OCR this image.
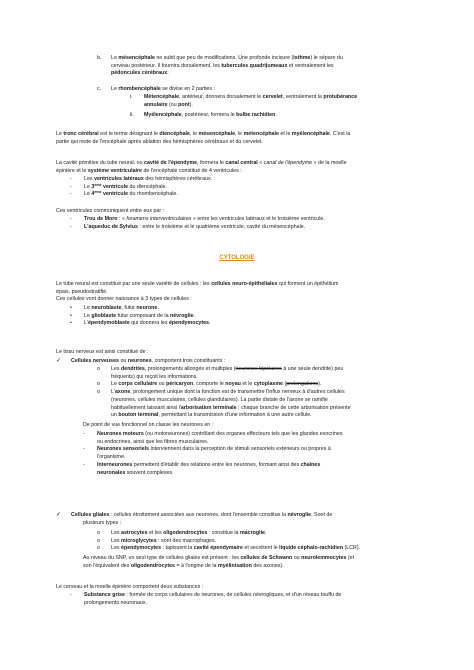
b. Le mésencéphale ne subit que peu de modifications. Une profonde incisure (isthme) le sépare du
cerveau postérieur. Il fournira dorsalement, les tubercules quadrijumeaux et ventralement les
pédoncules cérébraux.
c. Le rhombencéphale se divise en 2 parties :
i. Métencéphale, antérieur, donnera dorsalement le cervelet, ventralement la protubérance
annulaire (ou pont).
ii. Myélencéphale, postérieur, formera le bulbe rachidien.
Le tronc cérébral est le terme désignant le diencéphale, le mésencéphale, le métencéphale et le myélencéphale. C'est la
partie qui reste de l'encéphale après ablation des hémisphères cérébraux et du cervelet.
La cavité primitive du tube neural, ou cavité de l'épendyme, formera le canal central « canal de l'épendyme » de la moelle
épinière et le système ventriculaire de l'encéphale constitué de 4 ventricules :
- Les ventricules latéraux des hémisphères cérébraux.
- Le 3ème ventricule du diencéphale.
- Le 4ème ventricule du rhombencéphale.
Ces ventricules communiquent entre eux par :
- Trou de Moro : « foramens interventriculaires » entre les ventricules latéraux et le troisième ventricule.
- L'aqueduc de Sylvius : entre le troisième et le quatrième ventricule, cavité du mésencéphale.
CYTOLOGIE
Le tube neural est constitué par une seule variété de cellules : les cellules neuro-épithéliales qui forment un épithélium
épais, pseudostratifié.
Ces cellules vont donner naissance à 3 types de cellules :
• Le neuroblaste, futur neurone.
• Le glioblaste futur composant de la névroglie.
• L'épendymoblaste qui donnera les épendymocytes.
Le tissu nerveux est ainsi constitué de :
✓ Cellules nerveuses ou neurones, comportent trois constituants :
o Les dendrites, prolongements allongés et multiples (neurones bipolaires à une seule dendrite) peu
fréquents) qui reçoit les informations.
o Le corps cellulaire ou péricaryon, comporte le noyau et le cytoplasme (prolongations).
o L'axone, prolongement unique dont la fonction est de transmettre l'influx nerveux à d'autres cellules
(neurones, cellules musculaires, cellules glandulaires). La partie distale de l'axone se ramifie
habituellement laissant ainsi l'arborisation terminale ; chaque branche de cette arborisation présente
un bouton terminal, permettant la transmission d'une information à une autre cellule.
De point de vue fonctionnel on classe les neurones en :
- Neurones moteurs (ou motoneurones) contrôlant des organes effecteurs tels que les glandes exocrines
ou endocrines, ainsi que les fibres musculaires.
- Neurones sensoriels interviennent dans la perception de stimuli sensoriels extérieurs ou propres à
l'organisme.
- Interneurones permettent d'établir des relations entre les neurones, formant ainsi des chaînes
neuronales souvent complexes.
✓ Cellules gliales : cellules étroitement associées aux neurones, dont l'ensemble constitue la névroglie. Sont de
plusieurs types :
o Les astrocytes et les oligodendrocytes : constitue la macroglie.
o Les microglycytes : sont des macrophages.
o Les épendymocytes : tapissent la cavité épendymaire et secrètent le liquide céphalo-rachidien (LCR).
Au niveau du SNP, un seul type de cellules gliales est présent : les cellules de Schwann ou neurolemmocytes (et
son l'équivalent des oligodendrocytes = à l'origine de la myélinisation des axones).
Le cerveau et la moelle épinière comportent deux substances :
- Substance grise : formée de corps cellulaires de neurones, de cellules névrogliques, et d'un réseau touffu de
prolongements neuronaux.
